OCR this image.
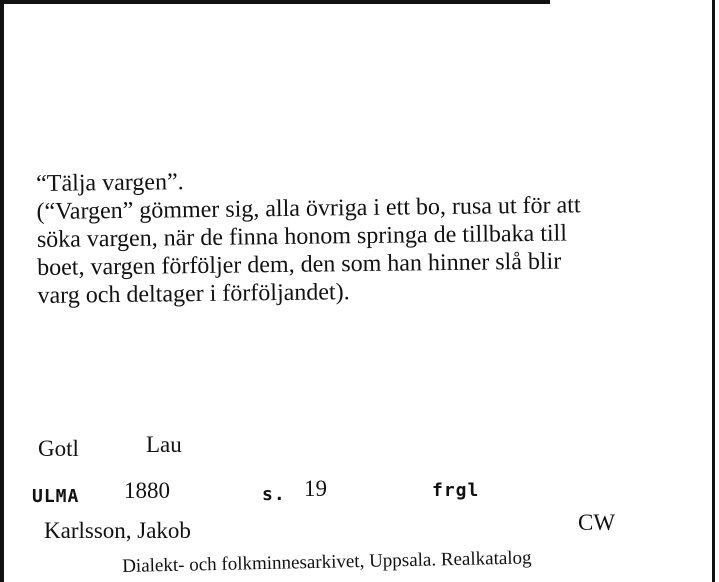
“Tälja vargen”.
(“Vargen” gömmer sig, alla övriga i ett bo, rusa ut för att
söka vargen, när de finna honom springa de tillbaka till
boet, vargen förföljer dem, den som han hinner slå blir
varg och deltager i förföljandet).
Gotl	Lau
ULMA 1880	s. 19	frgl
Karlsson, Jakob	CW
Dialekt- och folkminnesarkivet, Uppsala. Realkatalog
